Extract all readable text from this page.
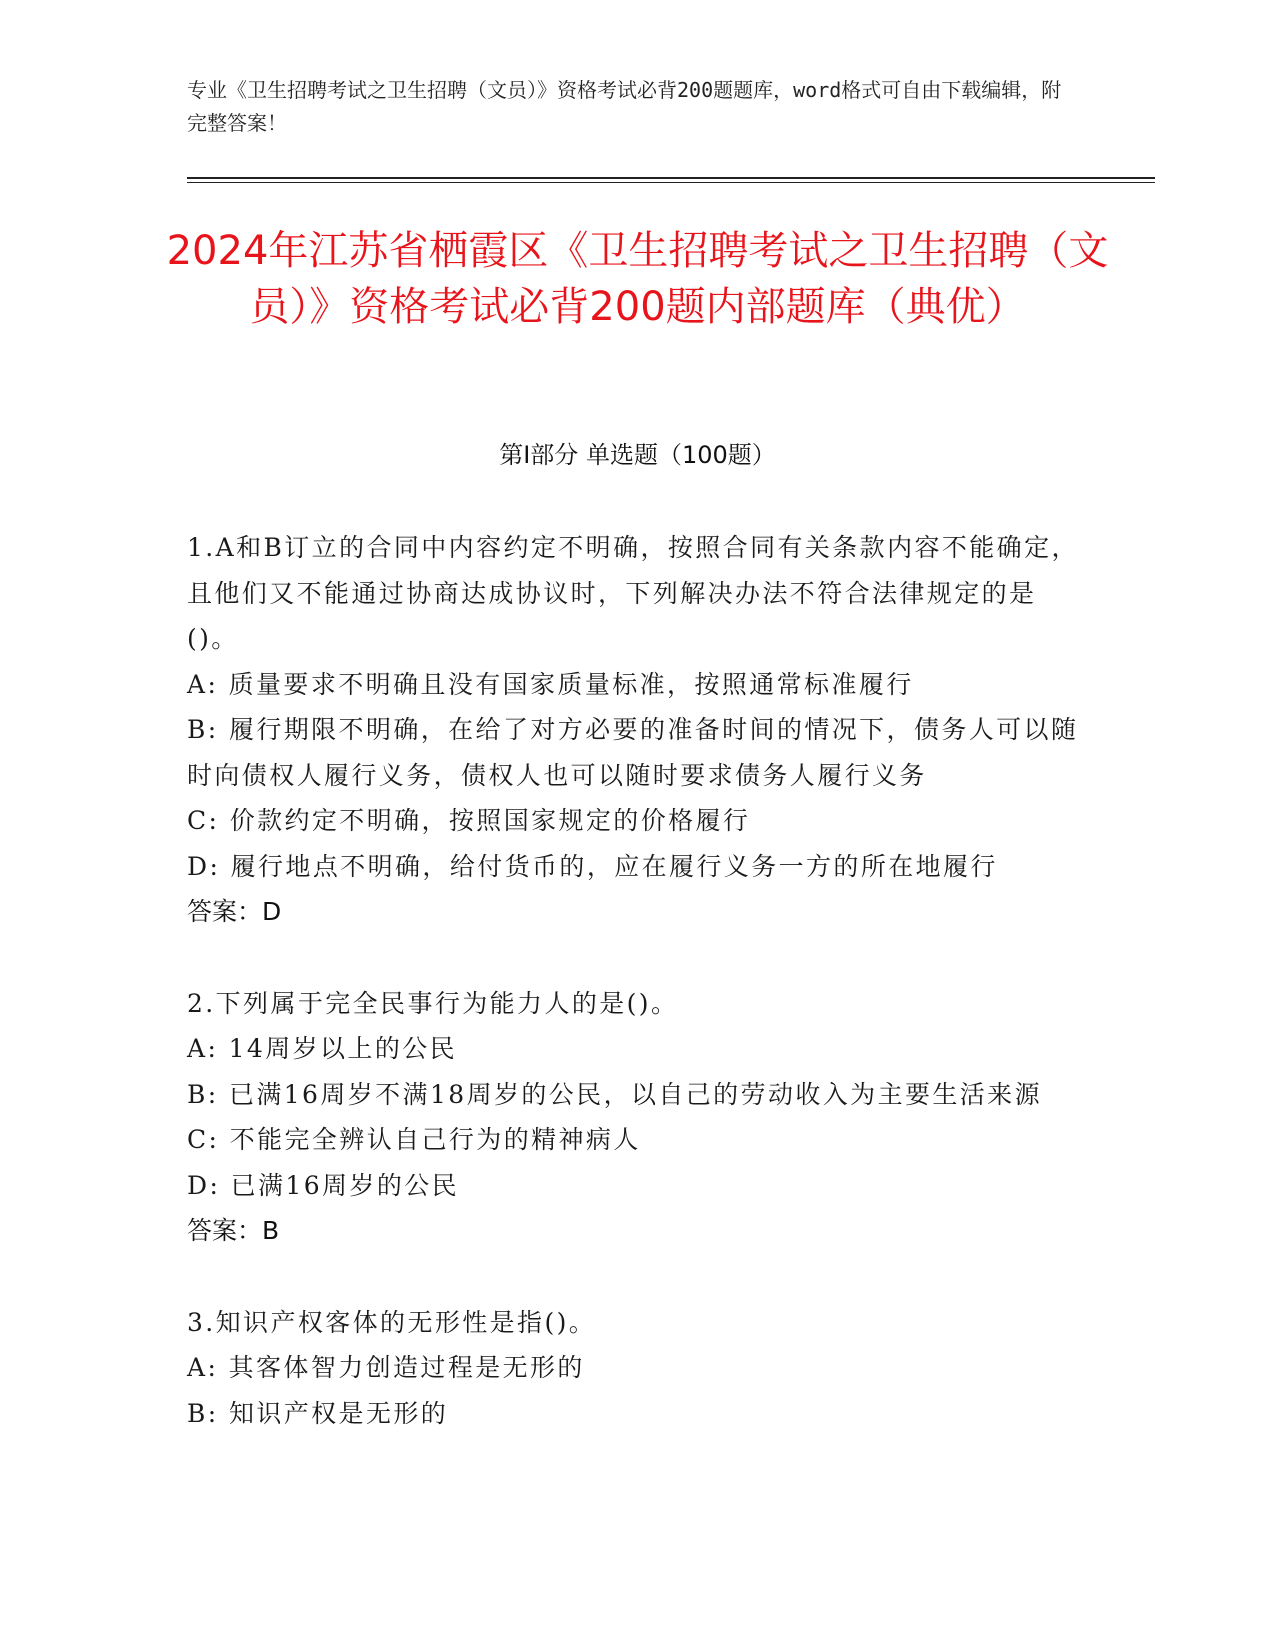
专业《卫生招聘考试之卫生招聘（文员）》资格考试必背200题题库，word格式可自由下载编辑，附完整答案！
2024年江苏省栖霞区《卫生招聘考试之卫生招聘（文员）》资格考试必背200题内部题库（典优）
第Ⅰ部分 单选题（100题）
1.A和B订立的合同中内容约定不明确，按照合同有关条款内容不能确定，且他们又不能通过协商达成协议时，下列解决办法不符合法律规定的是()。
A: 质量要求不明确且没有国家质量标准，按照通常标准履行
B: 履行期限不明确，在给了对方必要的准备时间的情况下，债务人可以随时向债权人履行义务，债权人也可以随时要求债务人履行义务
C: 价款约定不明确，按照国家规定的价格履行
D: 履行地点不明确，给付货币的，应在履行义务一方的所在地履行
答案：D
2.下列属于完全民事行为能力人的是()。
A: 14周岁以上的公民
B: 已满16周岁不满18周岁的公民，以自己的劳动收入为主要生活来源
C: 不能完全辨认自己行为的精神病人
D: 已满16周岁的公民
答案：B
3.知识产权客体的无形性是指()。
A: 其客体智力创造过程是无形的
B: 知识产权是无形的
